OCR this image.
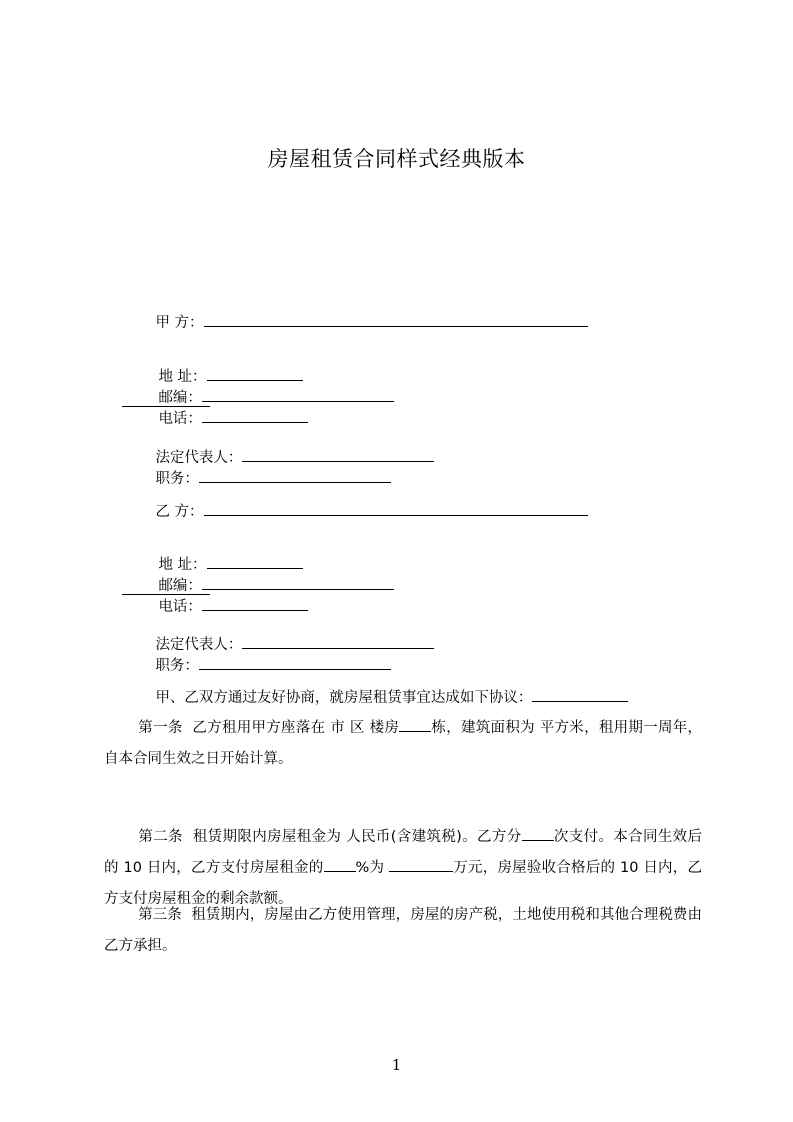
房屋租赁合同样式经典版本

甲 方：

地 址：
邮编：
电话：

法定代表人：
职务：

乙 方：

地 址：
邮编：
电话：

法定代表人：
职务：

甲、乙双方通过友好协商，就房屋租赁事宜达成如下协议：

第一条 乙方租用甲方座落在 市 区 楼房 栋，建筑面积为 平方米，租用期一周年，自本合同生效之日开始计算。
第二条 租赁期限内房屋租金为 人民币(含建筑税)。乙方分 次支付。本合同生效后的 10 日内，乙方支付房屋租金的 %为	万元，房屋验收合格后的 10 日内，乙方支付房屋租金的剩余款额。
第三条 租赁期内，房屋由乙方使用管理，房屋的房产税，土地使用税和其他合理税费由乙方承担。
1
